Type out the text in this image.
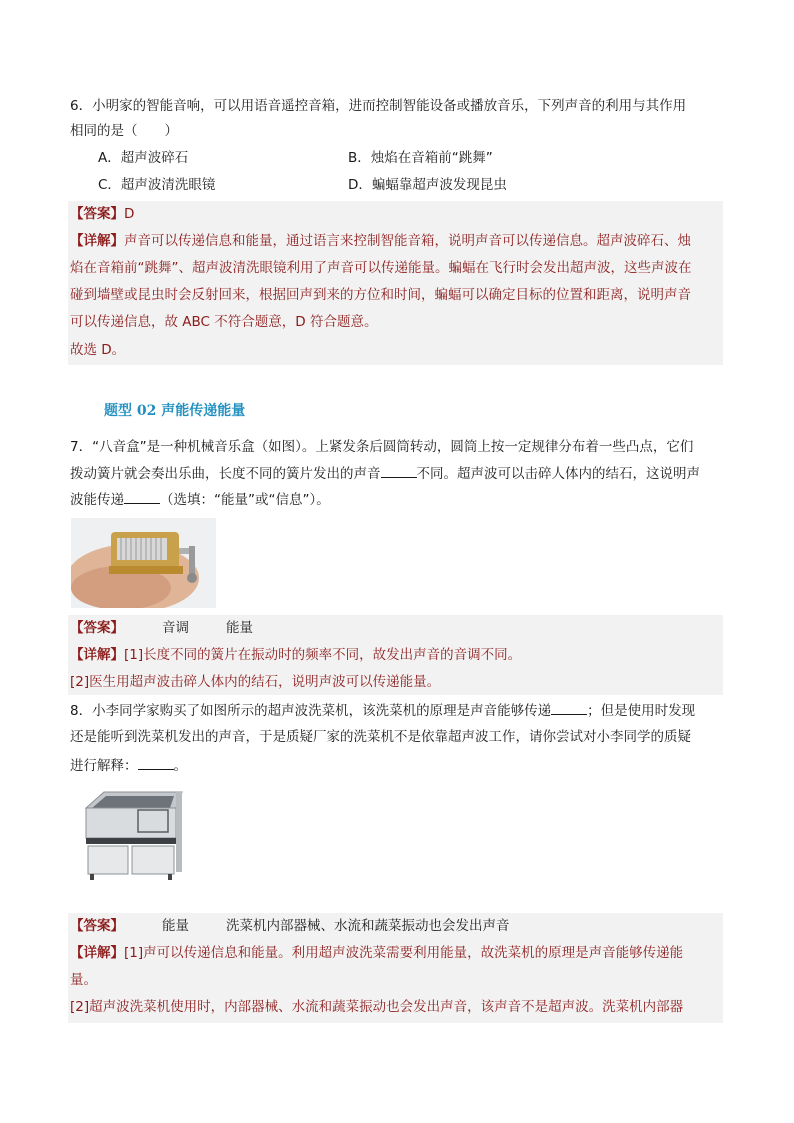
6．小明家的智能音响，可以用语音遥控音箱，进而控制智能设备或播放音乐，下列声音的利用与其作用
相同的是（　　）
A．超声波碎石	B．烛焰在音箱前“跳舞”
C．超声波清洗眼镜	D．蝙蝠靠超声波发现昆虫
【答案】D
【详解】声音可以传递信息和能量，通过语言来控制智能音箱，说明声音可以传递信息。超声波碎石、烛
焰在音箱前“跳舞”、超声波清洗眼镜利用了声音可以传递能量。蝙蝠在飞行时会发出超声波，这些声波在
碰到墙壁或昆虫时会反射回来，根据回声到来的方位和时间，蝙蝠可以确定目标的位置和距离，说明声音
可以传递信息，故 ABC 不符合题意，D 符合题意。
故选 D。
题型 02 声能传递能量
7．“八音盒”是一种机械音乐盒（如图）。上紧发条后圆筒转动，圆筒上按一定规律分布着一些凸点，它们
拨动簧片就会奏出乐曲，长度不同的簧片发出的声音	不同。超声波可以击碎人体内的结石，这说明声
波能传递	（选填：“能量”或“信息”）。
【答案】	音调	能量
【详解】[1]长度不同的簧片在振动时的频率不同，故发出声音的音调不同。
[2]医生用超声波击碎人体内的结石，说明声波可以传递能量。
8．小李同学家购买了如图所示的超声波洗菜机，该洗菜机的原理是声音能够传递	；但是使用时发现
还是能听到洗菜机发出的声音，于是质疑厂家的洗菜机不是依靠超声波工作，请你尝试对小李同学的质疑
进行解释：	。
【答案】	能量	洗菜机内部器械、水流和蔬菜振动也会发出声音
【详解】[1]声可以传递信息和能量。利用超声波洗菜需要利用能量，故洗菜机的原理是声音能够传递能
量。
[2]超声波洗菜机使用时，内部器械、水流和蔬菜振动也会发出声音，该声音不是超声波。洗菜机内部器
